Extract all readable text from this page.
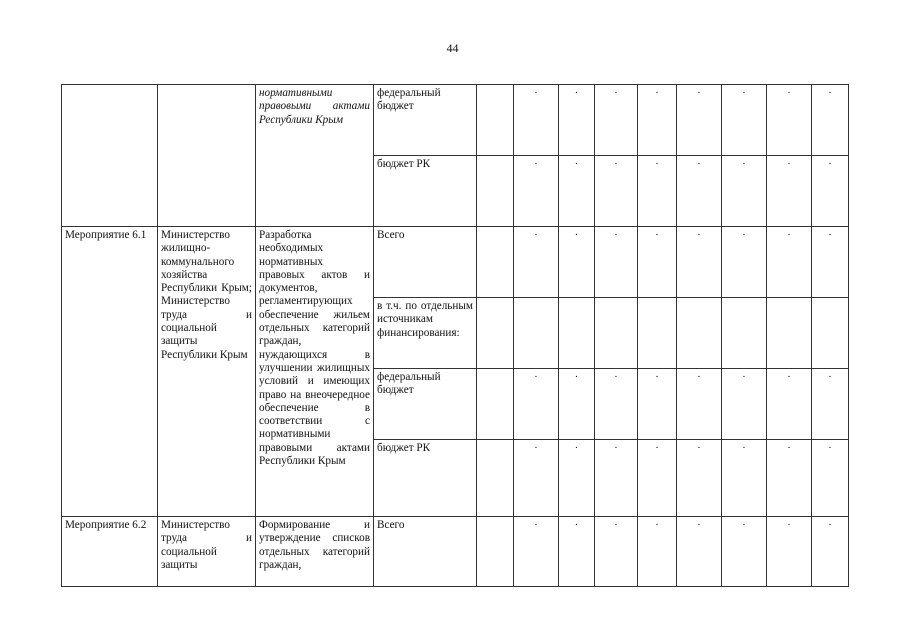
44
		нормативными правовыми актами Республики Крым	федеральный бюджет		·	·	·	·	·	·	·	·
			бюджет РК		·	·	·	·	·	·	·	·
Мероприятие 6.1	Министерство жилищно-коммунального хозяйства Республики Крым; Министерство труда и социальной защиты Республики Крым	Разработка необходимых нормативных правовых актов и документов, регламентирующих обеспечение жильем отдельных категорий граждан, нуждающихся в улучшении жилищных условий и имеющих право на внеочередное обеспечение в соответствии с нормативными правовыми актами Республики Крым	Всего		·	·	·	·	·	·	·	·
			в т.ч. по отдельным источникам финансирования:									
			федеральный бюджет		·	·	·	·	·	·	·	·
			бюджет РК		·	·	·	·	·	·	·	·
Мероприятие 6.2	Министерство труда и социальной защиты	Формирование и утверждение списков отдельных категорий граждан,	Всего		·	·	·	·	·	·	·	·
